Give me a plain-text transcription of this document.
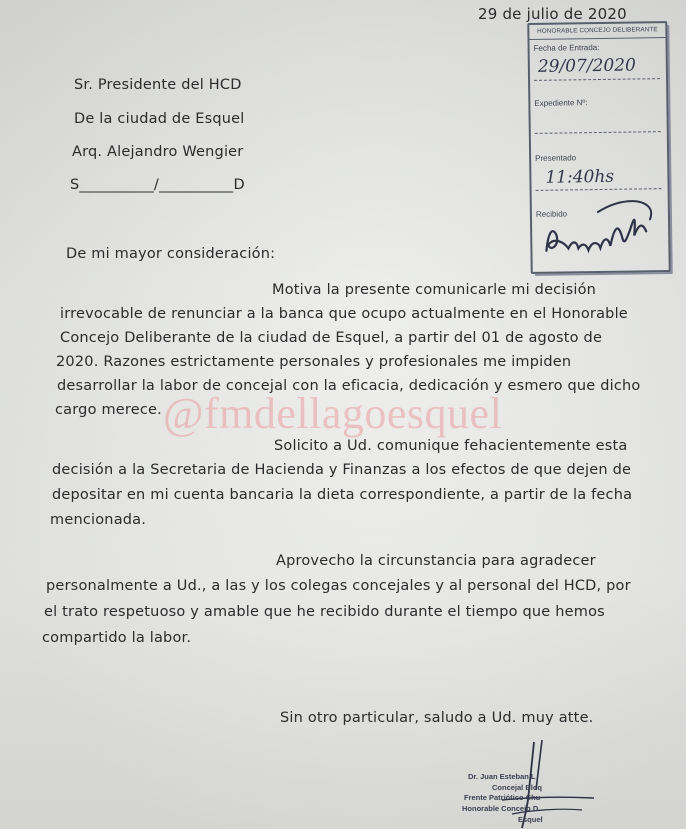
29 de julio de 2020
HONORABLE CONCEJO DELIBERANTE
Fecha de Entrada:
29/07/2020
Expediente Nº:
Presentado
11:40hs
Recibido
Sr. Presidente del HCD
De la ciudad de Esquel
Arq. Alejandro Wengier
S__________/__________D
De mi mayor consideración:
Motiva la presente comunicarle mi decisión
irrevocable de renunciar a la banca que ocupo actualmente en el Honorable
Concejo Deliberante de la ciudad de Esquel, a partir del 01 de agosto de
2020. Razones estrictamente personales y profesionales me impiden
desarrollar la labor de concejal con la eficacia, dedicación y esmero que dicho
cargo merece. @fmdellagoesquel
Solicito a Ud. comunique fehacientemente esta
decisión a la Secretaria de Hacienda y Finanzas a los efectos de que dejen de
depositar en mi cuenta bancaria la dieta correspondiente, a partir de la fecha
mencionada.
Aprovecho la circunstancia para agradecer
personalmente a Ud., a las y los colegas concejales y al personal del HCD, por
el trato respetuoso y amable que he recibido durante el tiempo que hemos
compartido la labor.
Sin otro particular, saludo a Ud. muy atte.
Dr. Juan Esteban L
Concejal Bloq
Frente Patriótico Chu
Honorable Concejo D
Esquel
